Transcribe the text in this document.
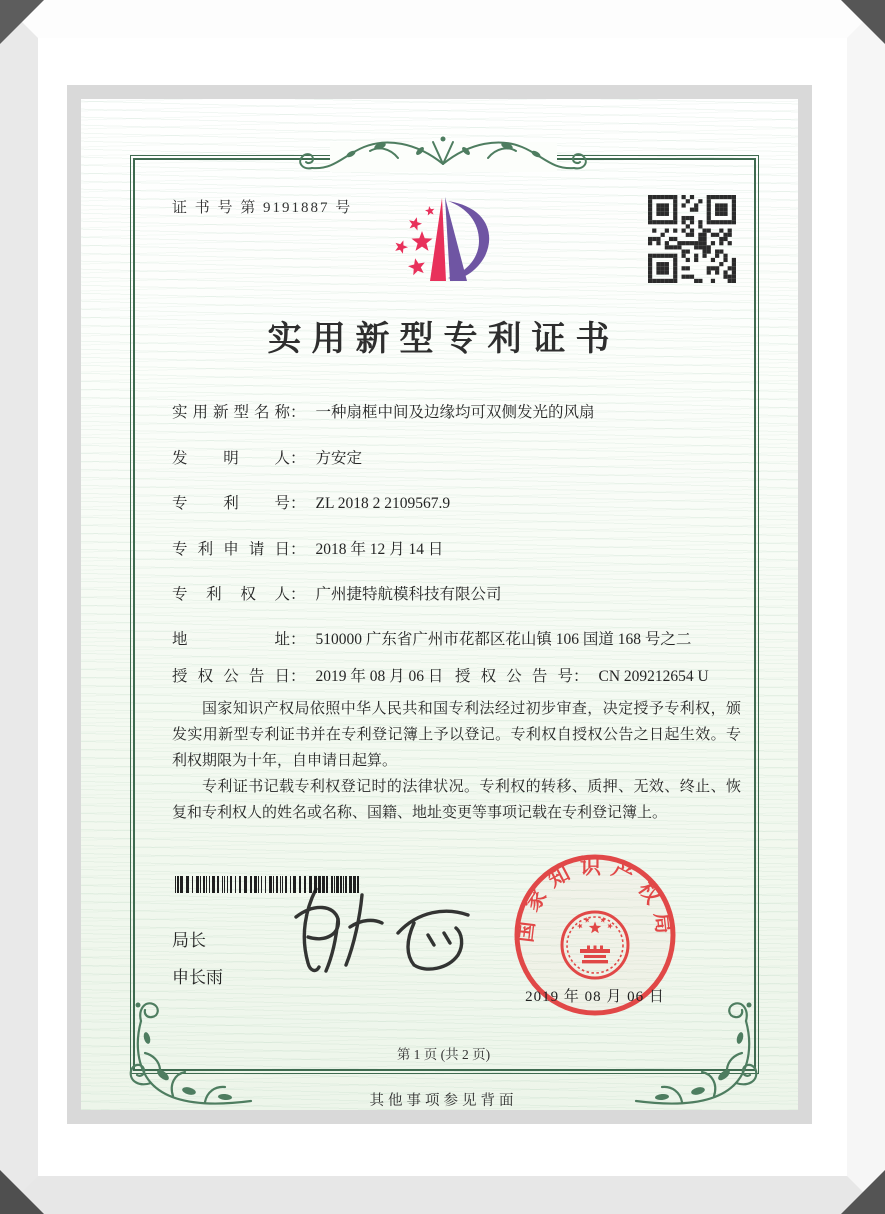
证 书 号 第 9191887 号
实用新型专利证书
实用新型名称： 一种扇框中间及边缘均可双侧发光的风扇
发明人： 方安定
专利号： ZL 2018 2 2109567.9
专利申请日： 2018 年 12 月 14 日
专利权人： 广州捷特航模科技有限公司
地址： 510000 广东省广州市花都区花山镇 106 国道 168 号之二
授权公告日： 2019 年 08 月 06 日 授权公告号： CN 209212654 U

国家知识产权局依照中华人民共和国专利法经过初步审查，决定授予专利权，颁发实用新型专利证书并在专利登记簿上予以登记。专利权自授权公告之日起生效。专利权期限为十年，自申请日起算。

专利证书记载专利权登记时的法律状况。专利权的转移、质押、无效、终止、恢复和专利权人的姓名或名称、国籍、地址变更等事项记载在专利登记簿上。

局长
申长雨
国家知识产权局
2019 年 08 月 06 日
第 1 页 (共 2 页)
其他事项参见背面
